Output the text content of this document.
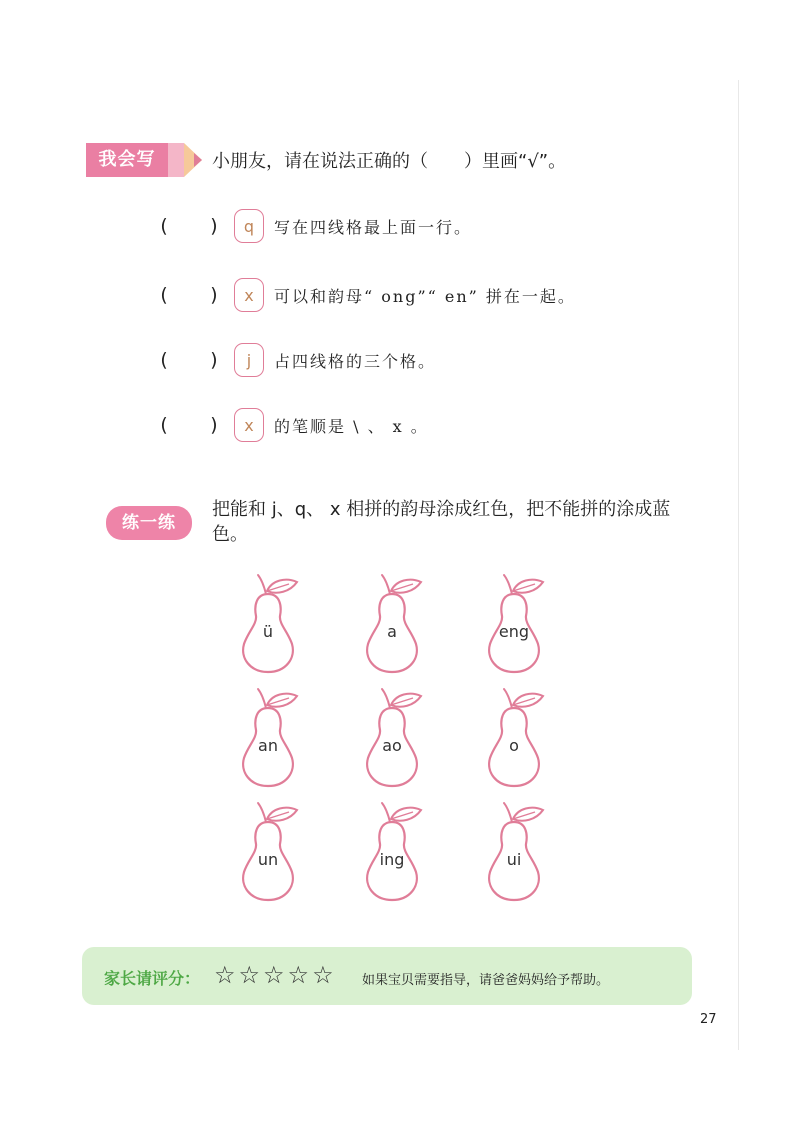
我会写	小朋友，请在说法正确的（　　）里画“√”。
( )	q	写在四线格最上面一行。
( )	x	可以和韵母“ ong”“ en” 拼在一起。
( )	j	占四线格的三个格。
( )	x	的笔顺是 \ 、 x 。
练一练
把能和 j、q、 x 相拼的韵母涂成红色，把不能拼的涂成蓝色。
ü	a	eng
an	ao	o
un	ing	ui
家长请评分： ☆ ☆ ☆ ☆ ☆ 如果宝贝需要指导，请爸爸妈妈给予帮助。
27
